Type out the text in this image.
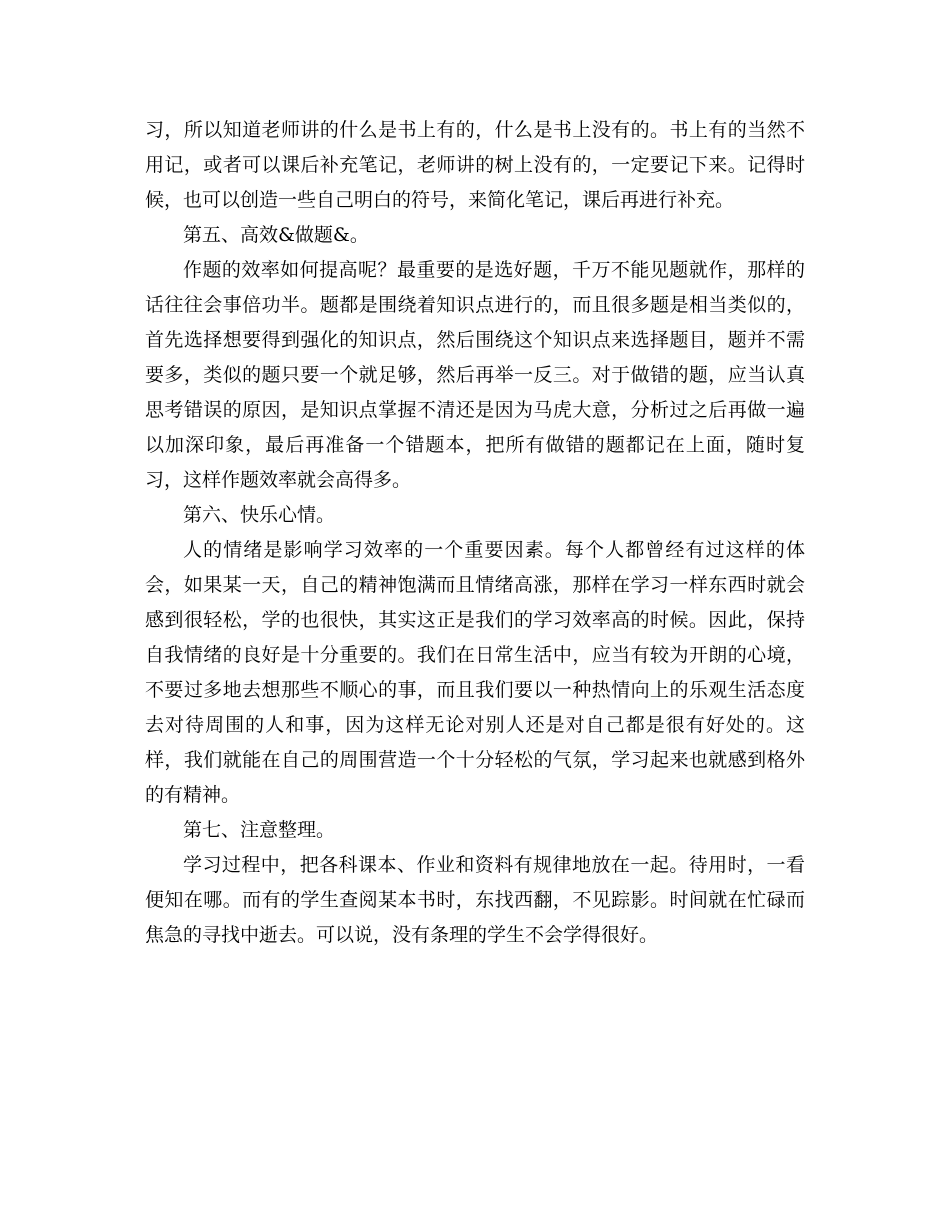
习，所以知道老师讲的什么是书上有的，什么是书上没有的。书上有的当然不用记，或者可以课后补充笔记，老师讲的树上没有的，一定要记下来。记得时候，也可以创造一些自己明白的符号，来简化笔记，课后再进行补充。

第五、高效&做题&。

作题的效率如何提高呢？最重要的是选好题，千万不能见题就作，那样的话往往会事倍功半。题都是围绕着知识点进行的，而且很多题是相当类似的，首先选择想要得到强化的知识点，然后围绕这个知识点来选择题目，题并不需要多，类似的题只要一个就足够，然后再举一反三。对于做错的题，应当认真思考错误的原因，是知识点掌握不清还是因为马虎大意，分析过之后再做一遍以加深印象，最后再准备一个错题本，把所有做错的题都记在上面，随时复习，这样作题效率就会高得多。

第六、快乐心情。

人的情绪是影响学习效率的一个重要因素。每个人都曾经有过这样的体会，如果某一天，自己的精神饱满而且情绪高涨，那样在学习一样东西时就会感到很轻松，学的也很快，其实这正是我们的学习效率高的时候。因此，保持自我情绪的良好是十分重要的。我们在日常生活中，应当有较为开朗的心境，不要过多地去想那些不顺心的事，而且我们要以一种热情向上的乐观生活态度去对待周围的人和事，因为这样无论对别人还是对自己都是很有好处的。这样，我们就能在自己的周围营造一个十分轻松的气氛，学习起来也就感到格外的有精神。

第七、注意整理。

学习过程中，把各科课本、作业和资料有规律地放在一起。待用时，一看便知在哪。而有的学生查阅某本书时，东找西翻，不见踪影。时间就在忙碌而焦急的寻找中逝去。可以说，没有条理的学生不会学得很好。
